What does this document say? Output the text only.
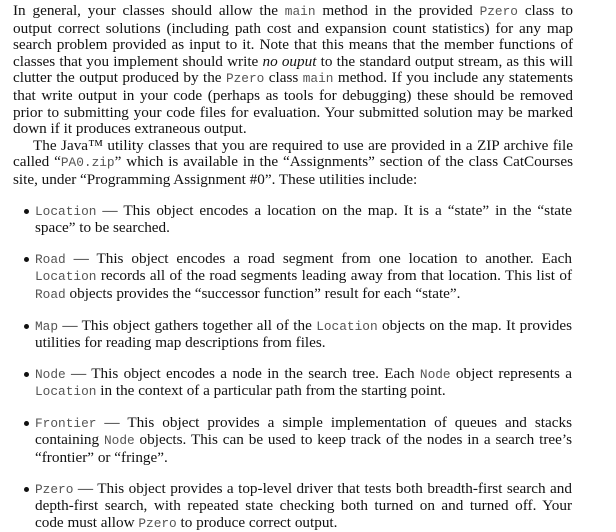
In general, your classes should allow the main method in the provided Pzero class to output correct solutions (including path cost and expansion count statistics) for any map search problem provided as input to it. Note that this means that the member functions of classes that you implement should write no ouput to the standard output stream, as this will clutter the output produced by the Pzero class main method. If you include any statements that write output in your code (perhaps as tools for debugging) these should be removed prior to submitting your code files for evaluation. Your submitted solution may be marked down if it produces extraneous output.

The Java™ utility classes that you are required to use are provided in a ZIP archive file called “PA0.zip” which is available in the “Assignments” section of the class CatCourses site, under “Programming Assignment #0”. These utilities include:

Location — This object encodes a location on the map. It is a “state” in the “state space” to be searched.
Road — This object encodes a road segment from one location to another. Each Location records all of the road segments leading away from that location. This list of Road objects provides the “successor function” result for each “state”.
Map — This object gathers together all of the Location objects on the map. It provides utilities for reading map descriptions from files.
Node — This object encodes a node in the search tree. Each Node object represents a Location in the context of a particular path from the starting point.
Frontier — This object provides a simple implementation of queues and stacks containing Node objects. This can be used to keep track of the nodes in a search tree’s “frontier” or “fringe”.
Pzero — This object provides a top-level driver that tests both breadth-first search and depth-first search, with repeated state checking both turned on and turned off. Your code must allow Pzero to produce correct output.
